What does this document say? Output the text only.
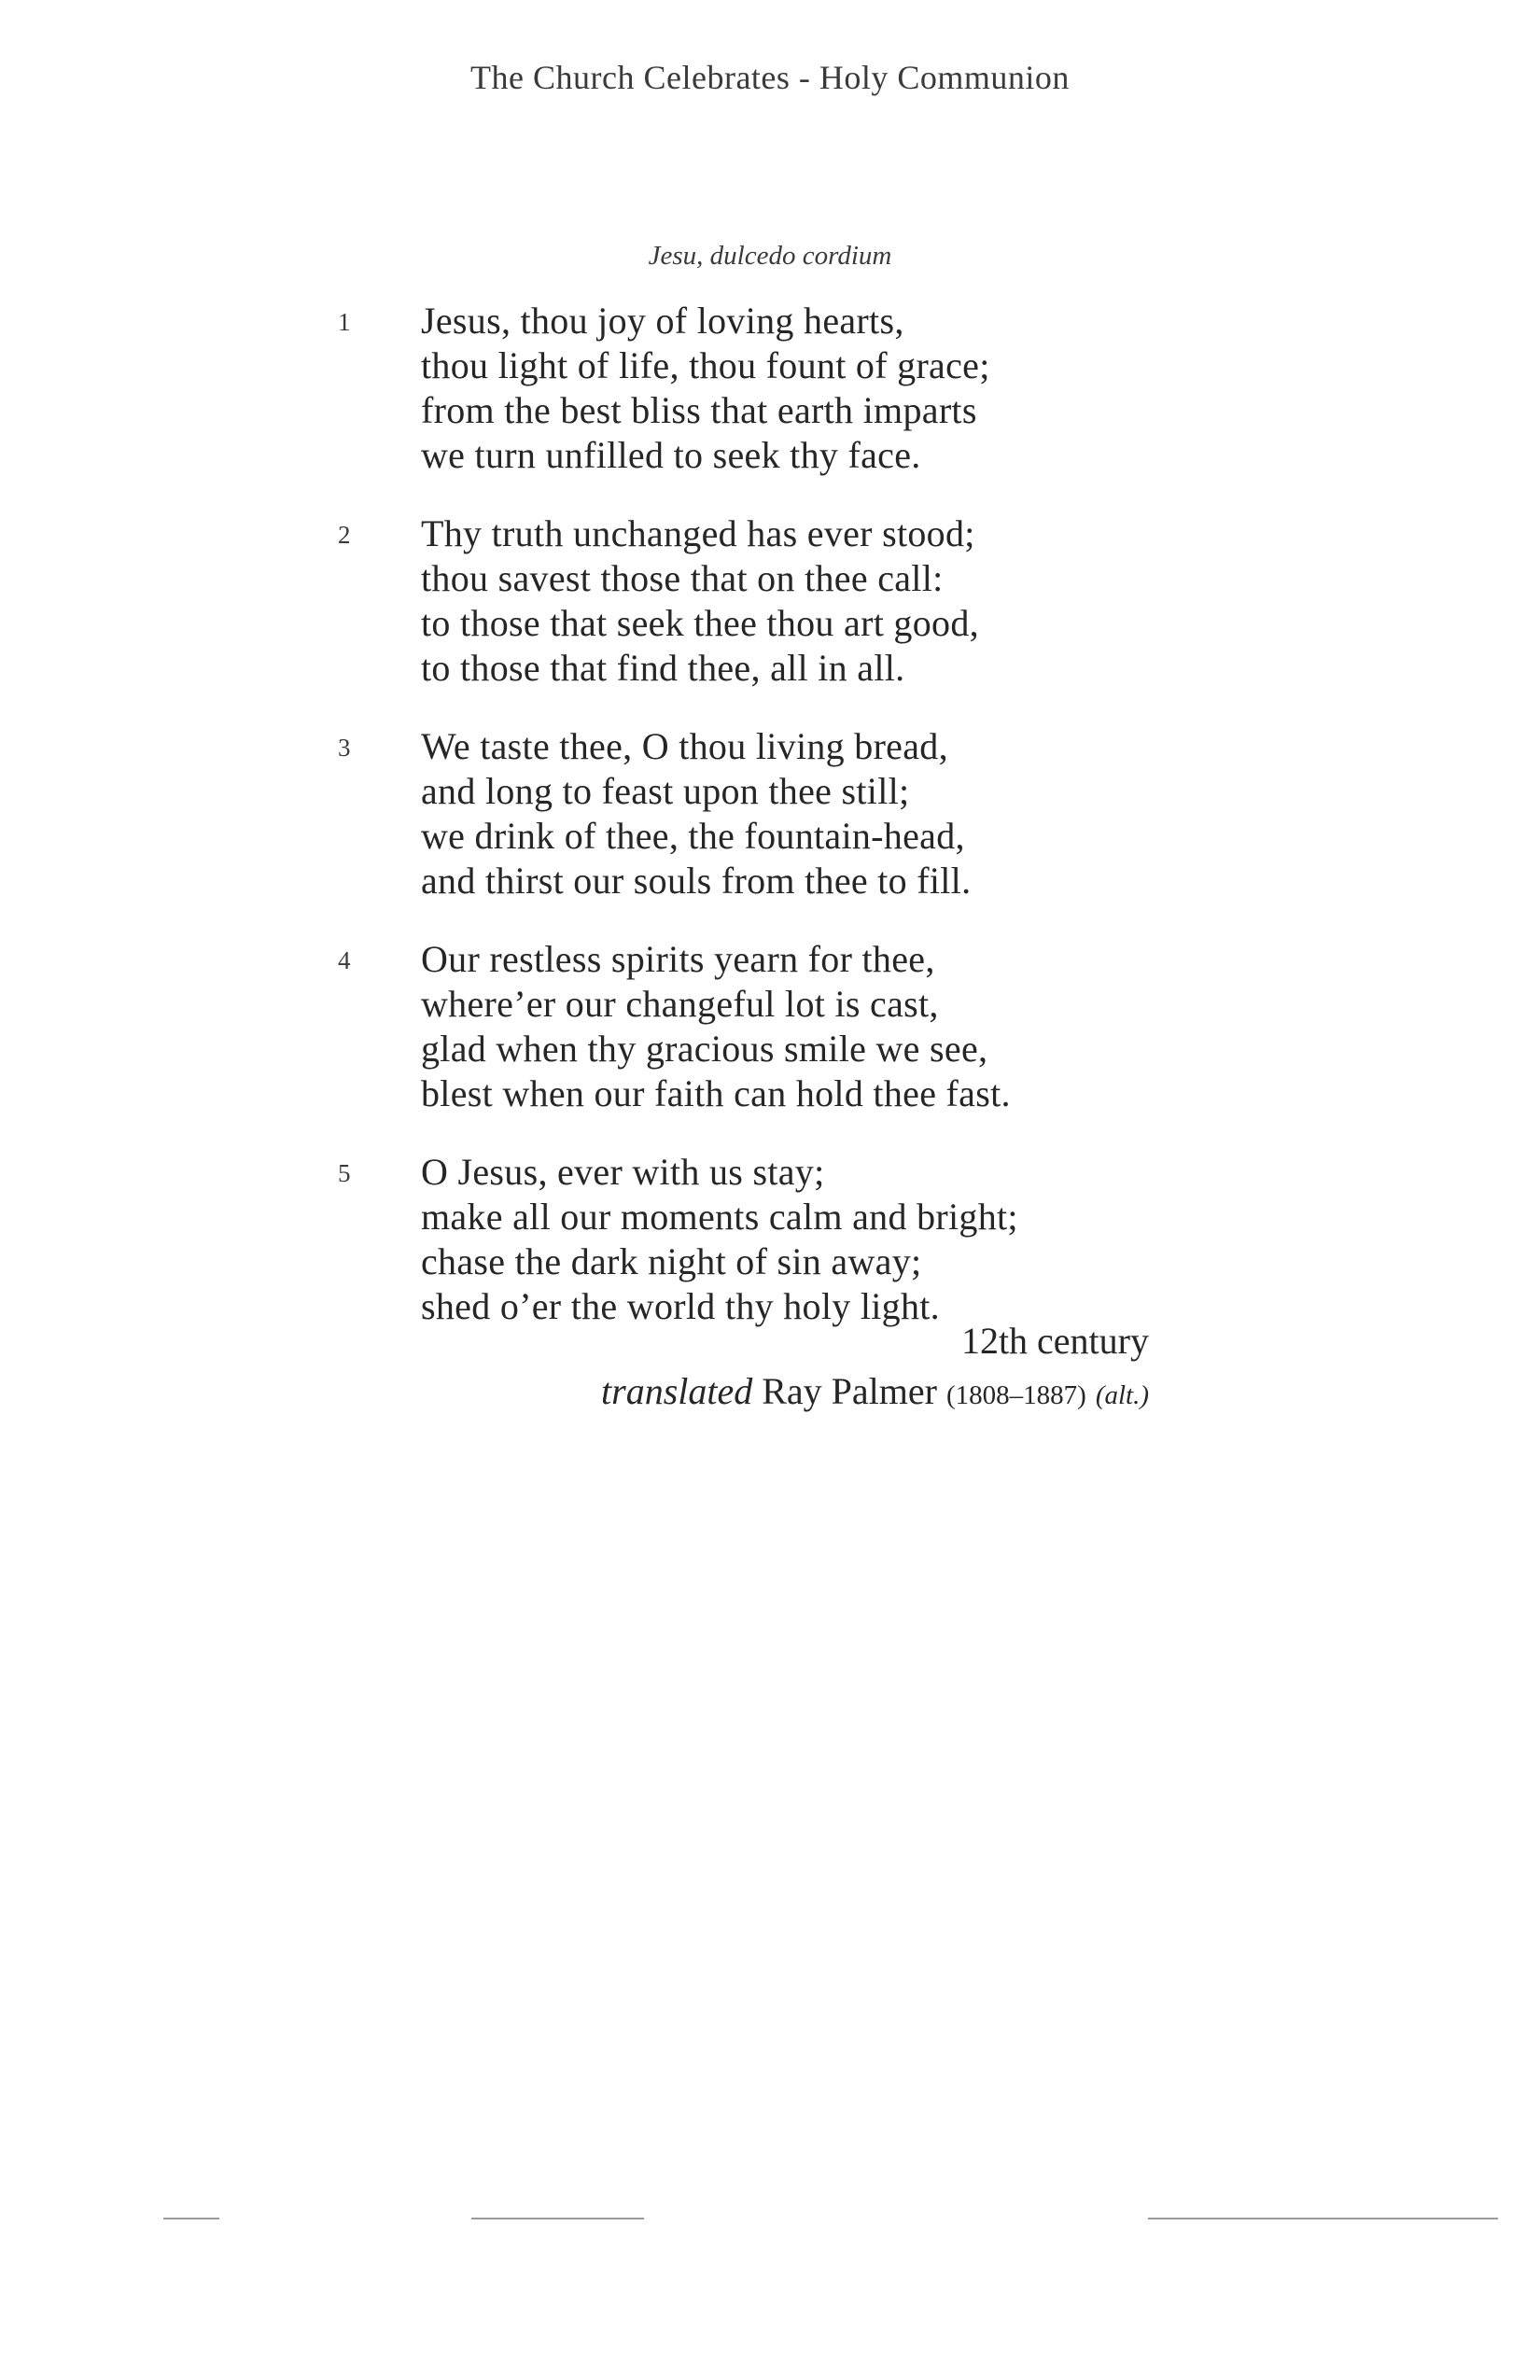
The Church Celebrates - Holy Communion
Jesu, dulcedo cordium
1 Jesus, thou joy of loving hearts,
thou light of life, thou fount of grace;
from the best bliss that earth imparts
we turn unfilled to seek thy face.
2 Thy truth unchanged has ever stood;
thou savest those that on thee call:
to those that seek thee thou art good,
to those that find thee, all in all.
3 We taste thee, O thou living bread,
and long to feast upon thee still;
we drink of thee, the fountain-head,
and thirst our souls from thee to fill.
4 Our restless spirits yearn for thee,
where’er our changeful lot is cast,
glad when thy gracious smile we see,
blest when our faith can hold thee fast.
5 O Jesus, ever with us stay;
make all our moments calm and bright;
chase the dark night of sin away;
shed o’er the world thy holy light.
12th century
translated Ray Palmer (1808–1887) (alt.)
